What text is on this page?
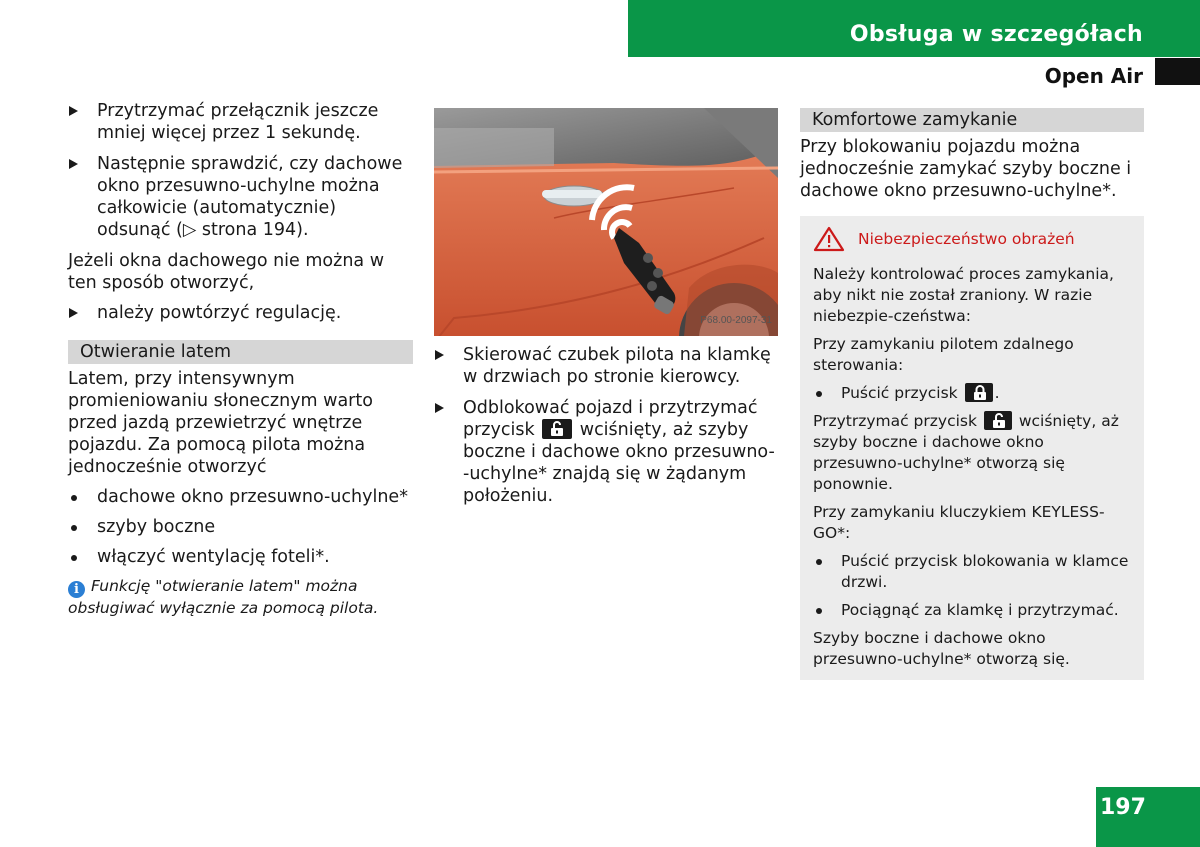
Obsługa w szczegółach
Open Air
Przytrzymać przełącznik jeszcze mniej więcej przez 1 sekundę.
Następnie sprawdzić, czy dachowe okno przesuwno-uchylne można całkowicie (automatycznie) odsunąć (▷ strona 194).
Jeżeli okna dachowego nie można w ten sposób otworzyć,
należy powtórzyć regulację.
Otwieranie latem
Latem, przy intensywnym promieniowaniu słonecznym warto przed jazdą przewietrzyć wnętrze pojazdu. Za pomocą pilota można jednocześnie otworzyć
dachowe okno przesuwno-uchylne*
szyby boczne
włączyć wentylację foteli*.
i Funkcję "otwieranie latem" można obsługiwać wyłącznie za pomocą pilota.
P68.00-2097-31
Skierować czubek pilota na klamkę w drzwiach po stronie kierowcy.
Odblokować pojazd i przytrzymać przycisk	wciśnięty, aż szyby boczne i dachowe okno przesuwno--uchylne* znajdą się w żądanym położeniu.
Komfortowe zamykanie
Przy blokowaniu pojazdu można jednocześnie zamykać szyby boczne i dachowe okno przesuwno-uchylne*.
Niebezpieczeństwo obrażeń

Należy kontrolować proces zamykania, aby nikt nie został zraniony. W razie niebezpie-czeństwa:

Przy zamykaniu pilotem zdalnego sterowania:

Puścić przycisk .

Przytrzymać przycisk	wciśnięty, aż szyby boczne i dachowe okno przesuwno-uchylne* otworzą się ponownie.

Przy zamykaniu kluczykiem KEYLESS-GO*:

Puścić przycisk blokowania w klamce drzwi.
Pociągnąć za klamkę i przytrzymać.

Szyby boczne i dachowe okno przesuwno-uchylne* otworzą się.

197
